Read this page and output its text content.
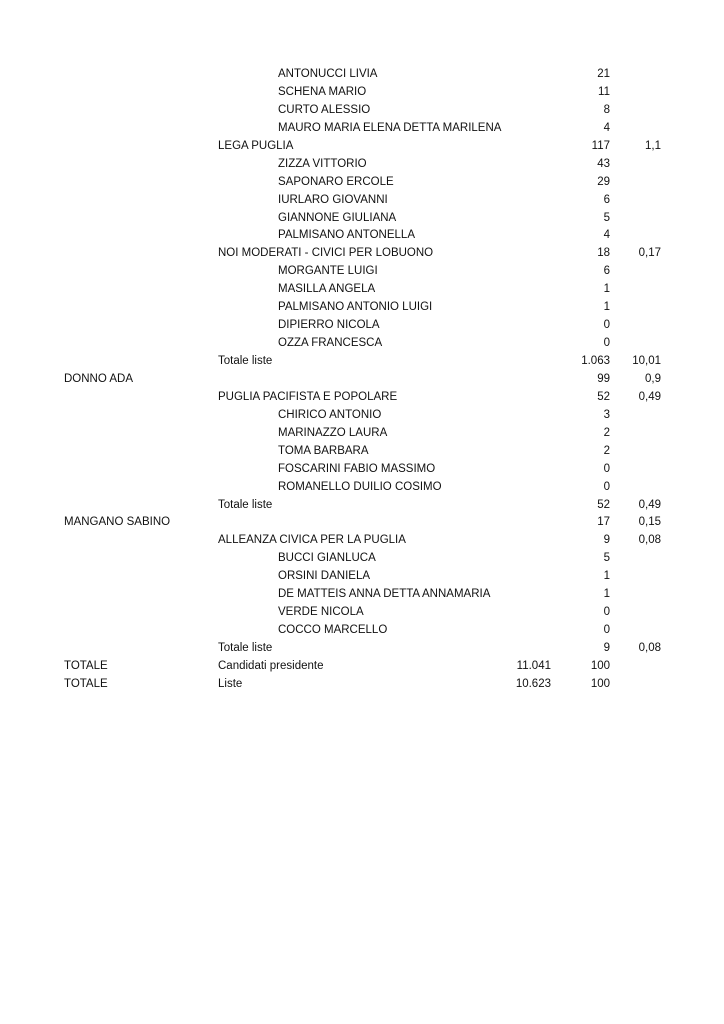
ANTONUCCI LIVIA	21
SCHENA MARIO	11
CURTO ALESSIO	8
MAURO MARIA ELENA DETTA MARILENA	4
LEGA PUGLIA	117	1,1
ZIZZA VITTORIO	43
SAPONARO ERCOLE	29
IURLARO GIOVANNI	6
GIANNONE GIULIANA	5
PALMISANO ANTONELLA	4
NOI MODERATI - CIVICI PER LOBUONO	18 0,17
MORGANTE LUIGI	6
MASILLA ANGELA	1
PALMISANO ANTONIO LUIGI	1
DIPIERRO NICOLA	0
OZZA FRANCESCA	0
Totale liste	1.063 10,01
DONNO ADA	99	0,9
PUGLIA PACIFISTA E POPOLARE	52 0,49
CHIRICO ANTONIO	3
MARINAZZO LAURA	2
TOMA BARBARA	2
FOSCARINI FABIO MASSIMO	0
ROMANELLO DUILIO COSIMO	0
Totale liste	52 0,49
MANGANO SABINO	17 0,15
ALLEANZA CIVICA PER LA PUGLIA	9 0,08
BUCCI GIANLUCA	5
ORSINI DANIELA	1
DE MATTEIS ANNA DETTA ANNAMARIA	1
VERDE NICOLA	0
COCCO MARCELLO	0
Totale liste	9 0,08
TOTALE	Candidati presidente	11.041	100
TOTALE	Liste	10.623	100
